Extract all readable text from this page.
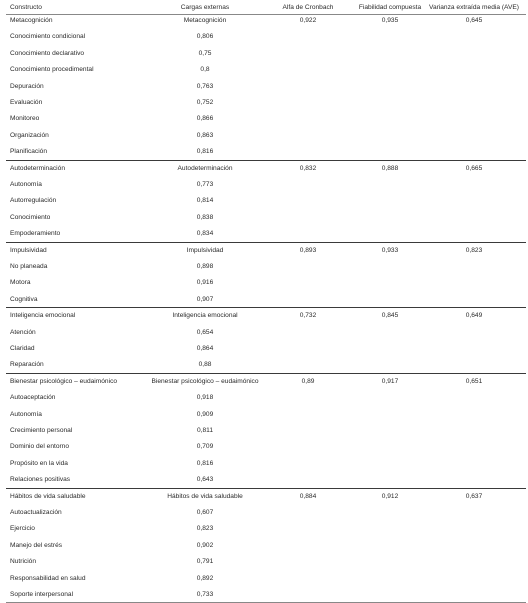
Constructo	Cargas externas	Alfa de Cronbach	Fiabilidad compuesta	Varianza extraída media (AVE)
Metacognición	Metacognición	0,922	0,935	0,645
Conocimiento condicional	0,806
Conocimiento declarativo	0,75
Conocimiento procedimental	0,8
Depuración	0,763
Evaluación	0,752
Monitoreo	0,866
Organización	0,863
Planificación	0,816
Autodeterminación	Autodeterminación	0,832	0,888	0,665
Autonomía	0,773
Autorregulación	0,814
Conocimiento	0,838
Empoderamiento	0,834
Impulsividad	Impulsividad	0,893	0,933	0,823
No planeada	0,898
Motora	0,916
Cognitiva	0,907
Inteligencia emocional	Inteligencia emocional	0,732	0,845	0,649
Atención	0,654
Claridad	0,864
Reparación	0,88
Bienestar psicológico – eudaimónico	Bienestar psicológico – eudaimónico	0,89	0,917	0,651
Autoaceptación	0,918
Autonomía	0,909
Crecimiento personal	0,811
Dominio del entorno	0,709
Propósito en la vida	0,816
Relaciones positivas	0,643
Hábitos de vida saludable	Hábitos de vida saludable	0,884	0,912	0,637
Autoactualización	0,607
Ejercicio	0,823
Manejo del estrés	0,902
Nutrición	0,791
Responsabilidad en salud	0,892
Soporte interpersonal	0,733
